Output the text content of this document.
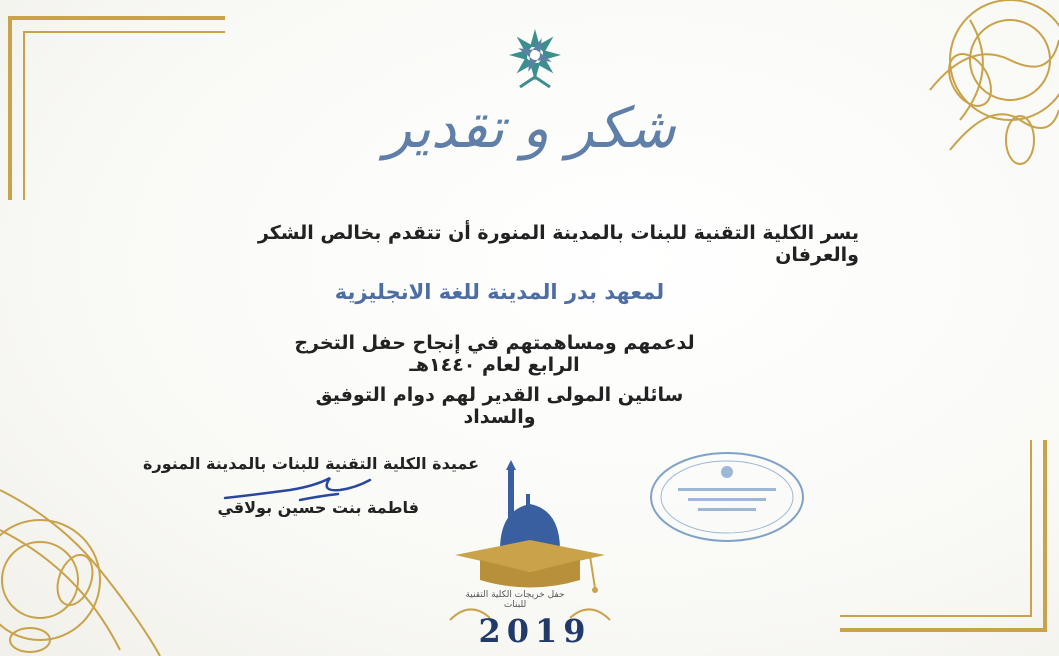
شكر و تقدير
يسر الكلية التقنية للبنات بالمدينة المنورة أن تتقدم بخالص الشكر والعرفان
لمعهد بدر المدينة للغة الانجليزية
لدعمهم ومساهمتهم في إنجاح حفل التخرج الرابع لعام ١٤٤٠هـ
سائلين المولى القدير لهم دوام التوفيق والسداد
عميدة الكلية التقنية للبنات بالمدينة المنورة
فاطمة بنت حسين بولاقي
حفل خريجات الكلية التقنية للبنات
2019
